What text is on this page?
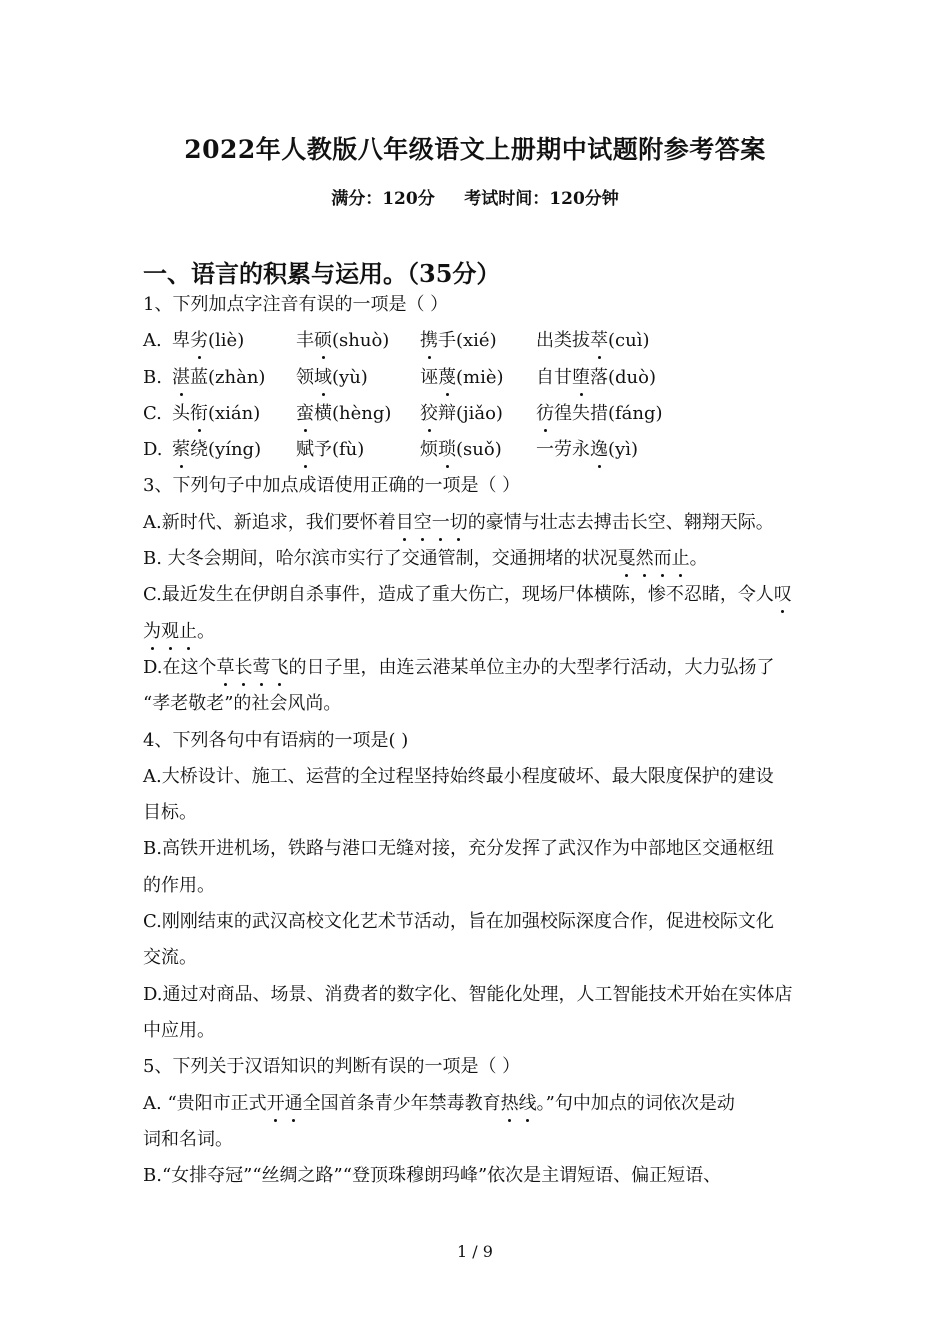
2022年人教版八年级语文上册期中试题附参考答案
满分：120分     考试时间：120分钟
一、语言的积累与运用。（35分）
1、下列加点字注音有误的一项是（ ）
A. 卑劣(liè)	丰硕(shuò)	携手(xié)	出类拔萃(cuì)
B. 湛蓝(zhàn)	领域(yù)	诬蔑(miè)	自甘堕落(duò)
C. 头衔(xián)	蛮横(hèng)	狡辩(jiǎo)	彷徨失措(fáng)
D. 萦绕(yíng)	赋予(fù)	烦琐(suǒ)	一劳永逸(yì)
3、下列句子中加点成语使用正确的一项是（ ）
A.新时代、新追求，我们要怀着目空一切的豪情与壮志去搏击长空、翱翔天际。
B. 大冬会期间，哈尔滨市实行了交通管制，交通拥堵的状况戛然而止。
C.最近发生在伊朗自杀事件，造成了重大伤亡，现场尸体横陈，惨不忍睹，令人叹
为观止。
D.在这个草长莺飞的日子里，由连云港某单位主办的大型孝行活动，大力弘扬了
“孝老敬老”的社会风尚。
4、下列各句中有语病的一项是( )
A.大桥设计、施工、运营的全过程坚持始终最小程度破坏、最大限度保护的建设
目标。
B.高铁开进机场，铁路与港口无缝对接，充分发挥了武汉作为中部地区交通枢纽
的作用。
C.刚刚结束的武汉高校文化艺术节活动，旨在加强校际深度合作，促进校际文化
交流。
D.通过对商品、场景、消费者的数字化、智能化处理，人工智能技术开始在实体店
中应用。
5、下列关于汉语知识的判断有误的一项是（ ）
A. “贵阳市正式开通全国首条青少年禁毒教育热线。”句中加点的词依次是动
词和名词。
B.“女排夺冠”“丝绸之路”“登顶珠穆朗玛峰”依次是主谓短语、偏正短语、
1 / 9
